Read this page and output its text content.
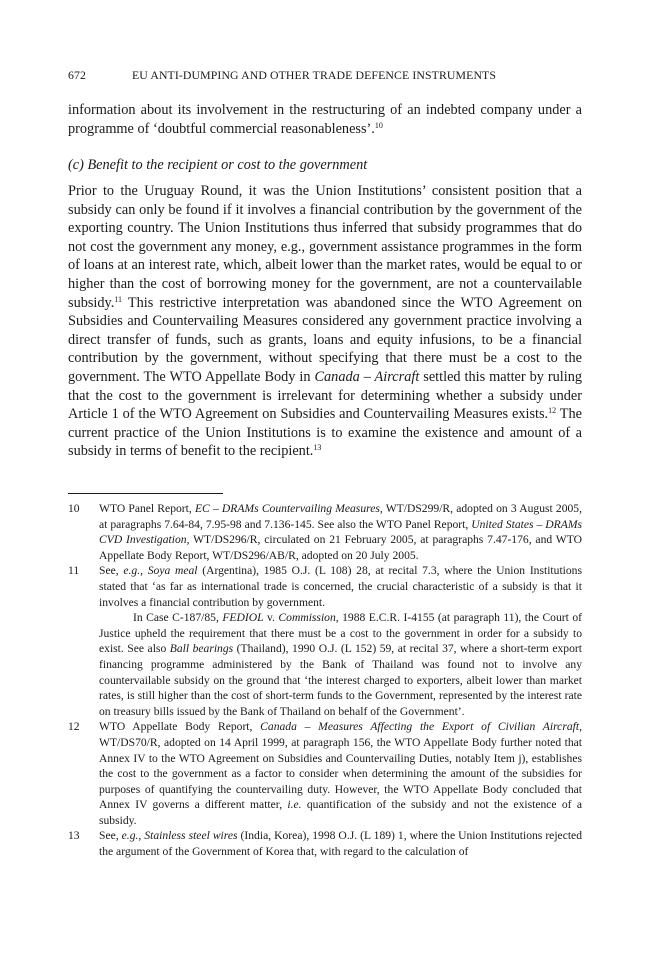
672	EU ANTI-DUMPING AND OTHER TRADE DEFENCE INSTRUMENTS

information about its involvement in the restructuring of an indebted company under a programme of ‘doubtful commercial reasonableness’.$^{10}$

(c) Benefit to the recipient or cost to the government
Prior to the Uruguay Round, it was the Union Institutions’ consistent position that a subsidy can only be found if it involves a financial contribution by the government of the exporting country. The Union Institutions thus inferred that subsidy programmes that do not cost the government any money, e.g., government assistance programmes in the form of loans at an interest rate, which, albeit lower than the market rates, would be equal to or higher than the cost of borrowing money for the government, are not a countervailable subsidy.$^{11}$ This restrictive interpretation was abandoned since the WTO Agreement on Subsidies and Countervailing Measures considered any government practice involving a direct transfer of funds, such as grants, loans and equity infusions, to be a financial contribution by the government, without specifying that there must be a cost to the government. The WTO Appellate Body in Canada – Aircraft settled this matter by ruling that the cost to the government is irrelevant for determining whether a subsidy under Article 1 of the WTO Agreement on Subsidies and Countervailing Measures exists.$^{12}$ The current practice of the Union Institutions is to examine the existence and amount of a subsidy in terms of benefit to the recipient.$^{13}$
10	WTO Panel Report, EC – DRAMs Countervailing Measures, WT/DS299/R, adopted on 3 August 2005, at paragraphs 7.64-84, 7.95-98 and 7.136-145. See also the WTO Panel Report, United States – DRAMs CVD Investigation, WT/DS296/R, circulated on 21 February 2005, at paragraphs 7.47-176, and WTO Appellate Body Report, WT/DS296/AB/R, adopted on 20 July 2005.
11	See, e.g., Soya meal (Argentina), 1985 O.J. (L 108) 28, at recital 7.3, where the Union Institutions stated that ‘as far as international trade is concerned, the crucial characteristic of a subsidy is that it involves a financial contribution by government.

In Case C-187/85, FEDIOL v. Commission, 1988 E.C.R. I-4155 (at paragraph 11), the Court of Justice upheld the requirement that there must be a cost to the government in order for a subsidy to exist. See also Ball bearings (Thailand), 1990 O.J. (L 152) 59, at recital 37, where a short-term export financing programme administered by the Bank of Thailand was found not to involve any countervailable subsidy on the ground that ‘the interest charged to exporters, albeit lower than market rates, is still higher than the cost of short-term funds to the Government, represented by the interest rate on treasury bills issued by the Bank of Thailand on behalf of the Government’.

12	WTO Appellate Body Report, Canada – Measures Affecting the Export of Civilian Aircraft, WT/DS70/R, adopted on 14 April 1999, at paragraph 156, the WTO Appellate Body further noted that Annex IV to the WTO Agreement on Subsidies and Countervailing Duties, notably Item j), establishes the cost to the government as a factor to consider when determining the amount of the subsidies for purposes of quantifying the countervailing duty. However, the WTO Appellate Body concluded that Annex IV governs a different matter, i.e. quantification of the subsidy and not the existence of a subsidy.
13	See, e.g., Stainless steel wires (India, Korea), 1998 O.J. (L 189) 1, where the Union Institutions rejected the argument of the Government of Korea that, with regard to the calculation of
